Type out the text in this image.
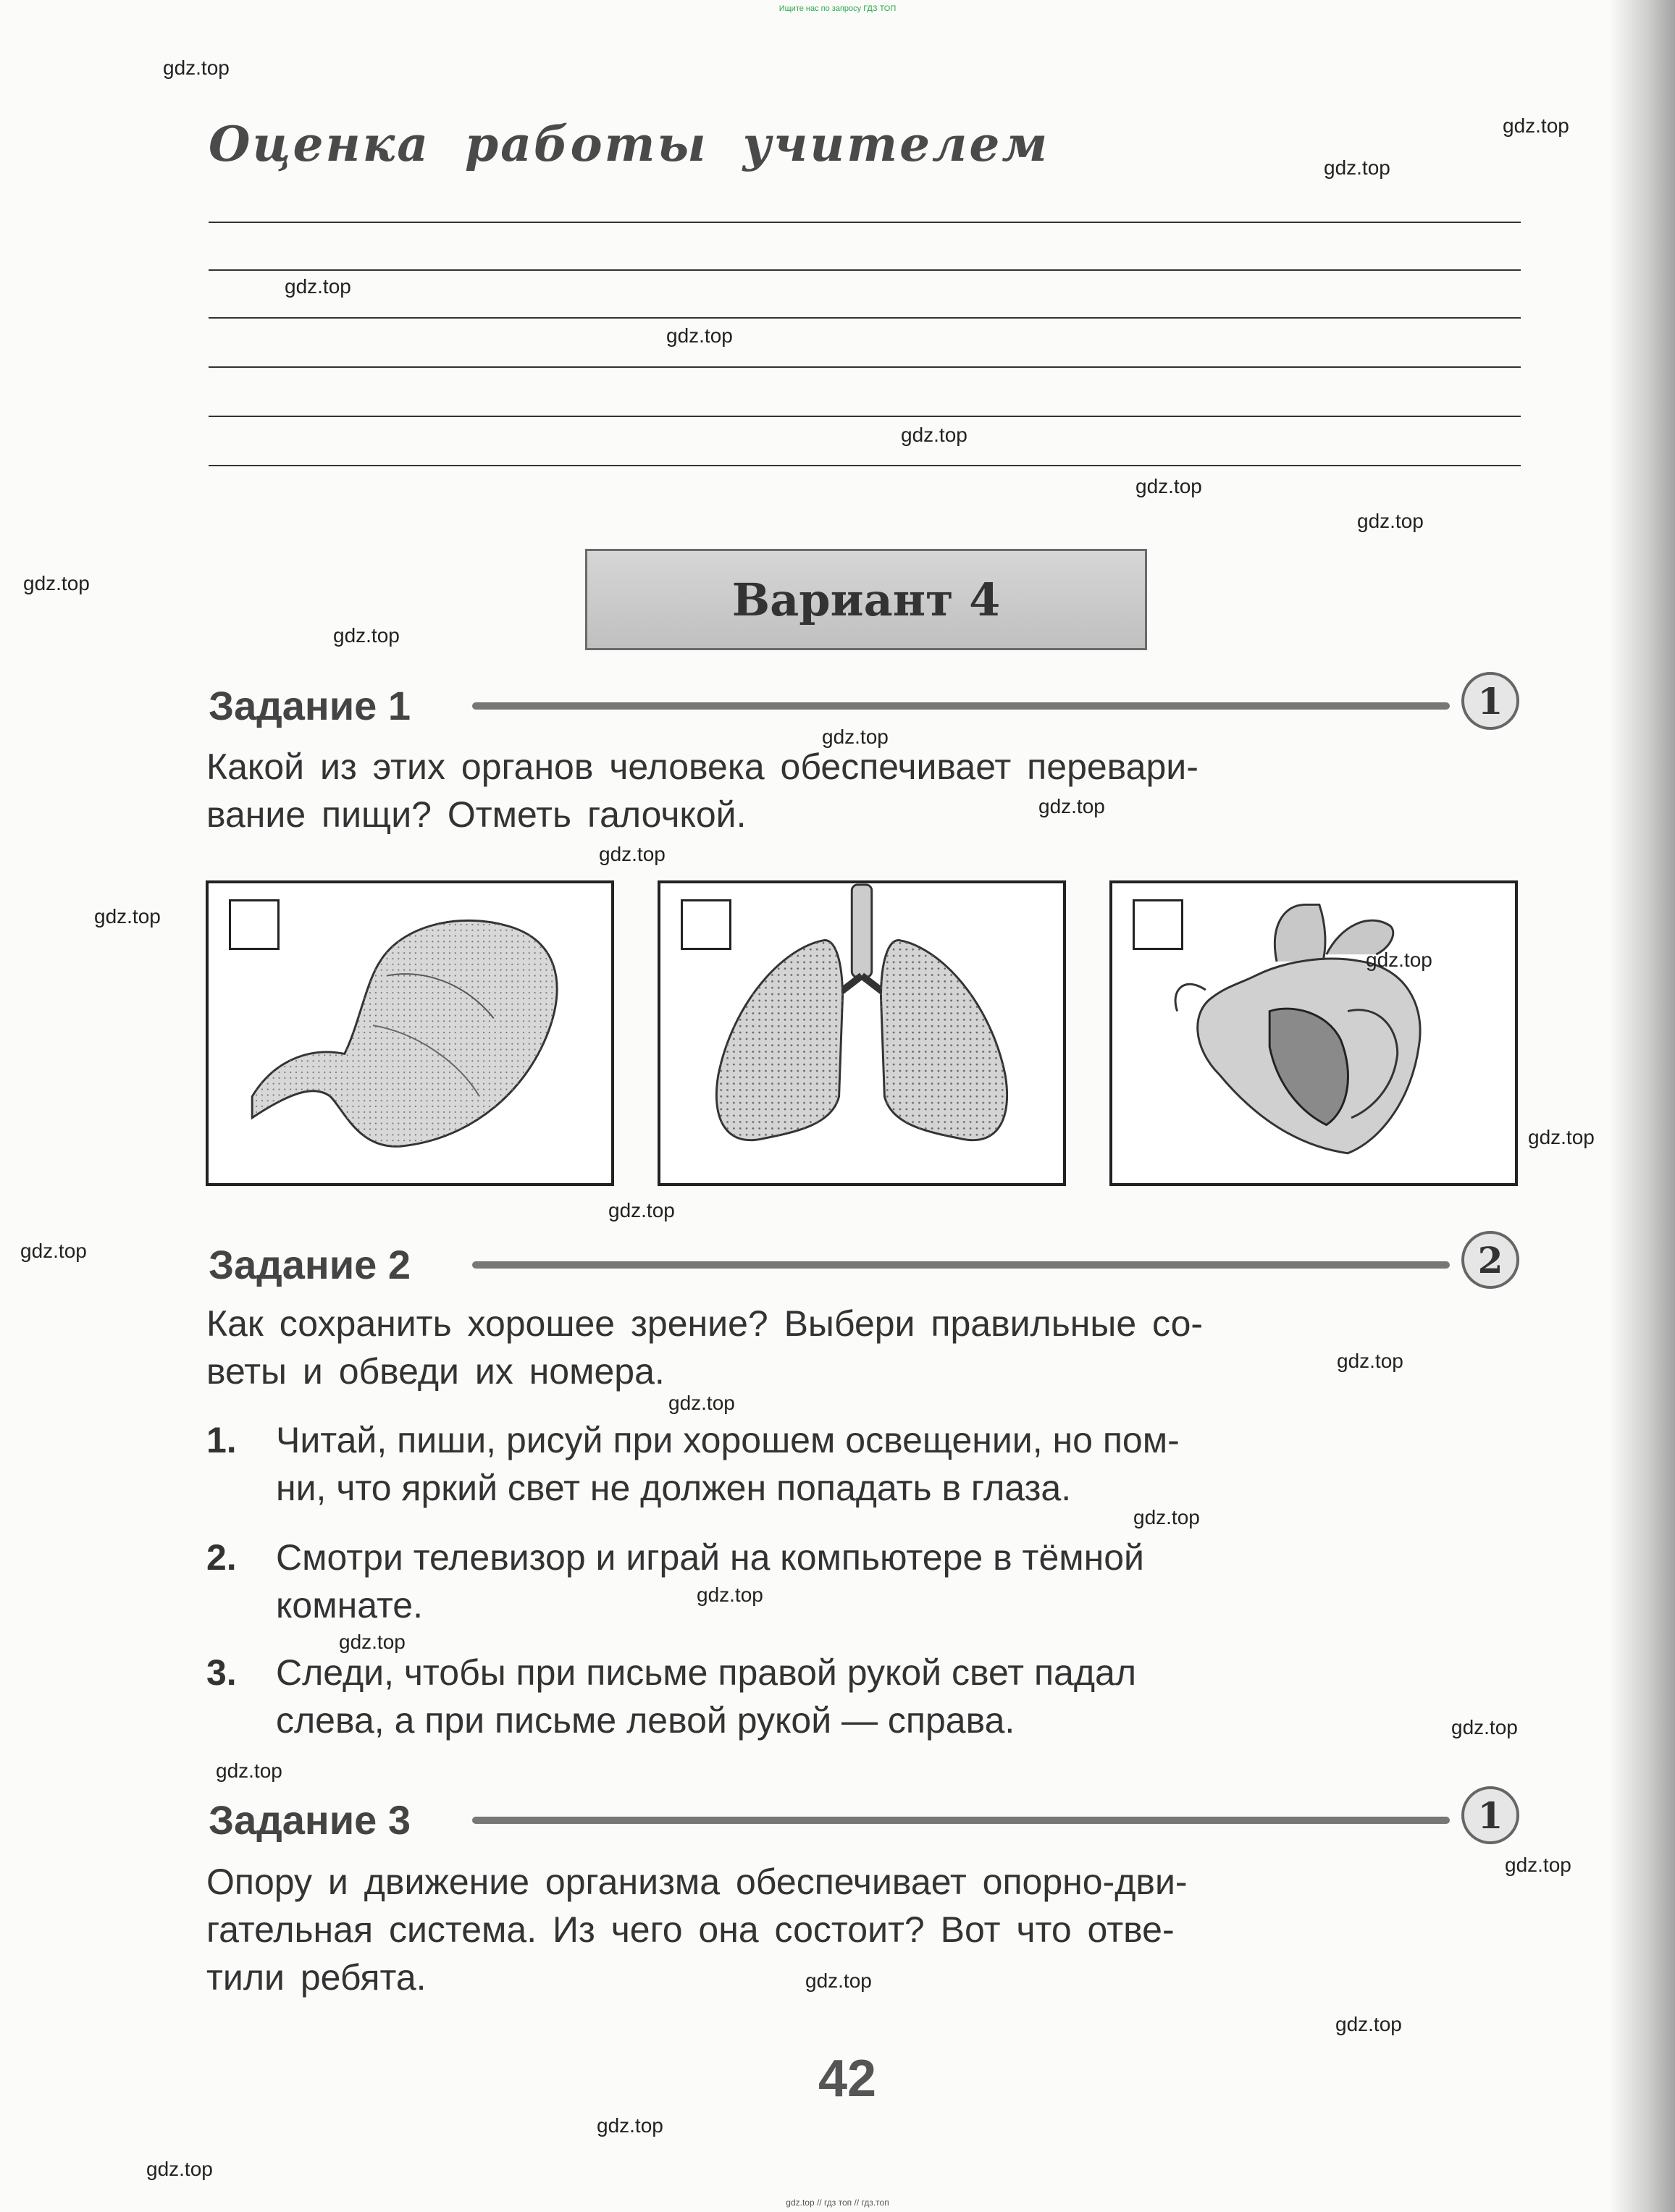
Ищите нас по запросу ГДЗ ТОП
Оценка работы учителем
Вариант 4
Задание 1	1
Какой из этих органов человека обеспечивает перевари-
вание пищи? Отметь галочкой.
Задание 2	2
Как сохранить хорошее зрение? Выбери правильные со-
веты и обведи их номера.
1. Читай, пиши, рисуй при хорошем освещении, но пом-
ни, что яркий свет не должен попадать в глаза.
2. Смотри телевизор и играй на компьютере в тёмной
комнате.
3. Следи, чтобы при письме правой рукой свет падал
слева, а при письме левой рукой — справа.
Задание 3	1
Опору и движение организма обеспечивает опорно-дви-
гательная система. Из чего она состоит? Вот что отве-
тили ребята.
42
gdz.top
gdz.top
gdz.top
gdz.top
gdz.top
gdz.top
gdz.top
gdz.top
gdz.top
gdz.top
gdz.top
gdz.top
gdz.top
gdz.top
gdz.top
gdz.top
gdz.top
gdz.top
gdz.top
gdz.top
gdz.top
gdz.top
gdz.top
gdz.top
gdz.top
gdz.top
gdz.top
gdz.top
gdz.top
gdz.top
gdz.top // гдз топ // гдз.топ
